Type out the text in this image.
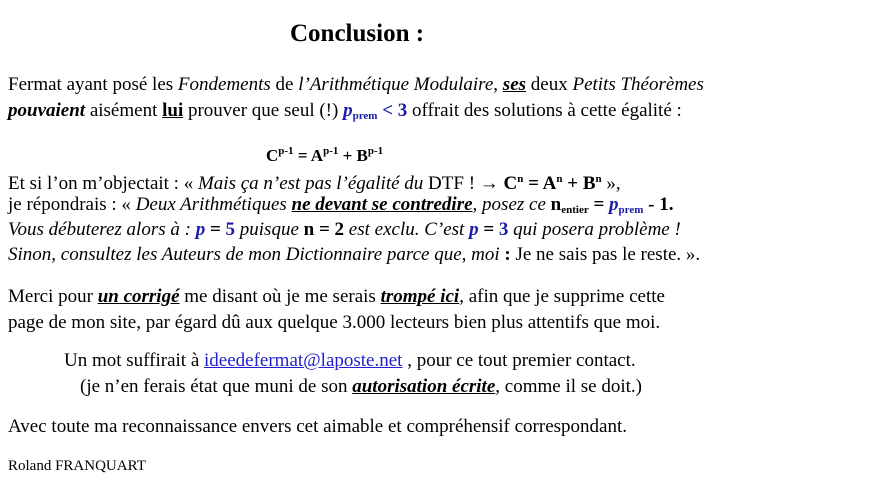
Conclusion :
Fermat ayant posé les Fondements de l’Arithmétique Modulaire, ses deux Petits Théorèmes
pouvaient aisément lui prouver que seul (!) $p_{prem} < 3$ offrait des solutions à cette égalité :
$C^{p-1} = A^{p-1} + B^{p-1}$
Et si l’on m’objectait : « Mais ça n’est pas l’égalité du DTF ! → $C^n = A^n + B^n$ »,
je répondrais : « Deux Arithmétiques ne devant se contredire, posez ce $n_{entier} = p_{prem} - 1$.
Vous débuterez alors à : p = 5 puisque n = 2 est exclu. C’est p = 3 qui posera problème !
Sinon, consultez les Auteurs de mon Dictionnaire parce que, moi : Je ne sais pas le reste. ».
Merci pour un corrigé me disant où je me serais trompé ici, afin que je supprime cette
page de mon site, par égard dû aux quelque 3.000 lecteurs bien plus attentifs que moi.
Un mot suffirait à ideedefermat@laposte.net , pour ce tout premier contact.
(je n’en ferais état que muni de son autorisation écrite, comme il se doit.)
Avec toute ma reconnaissance envers cet aimable et compréhensif correspondant.
Roland FRANQUART
